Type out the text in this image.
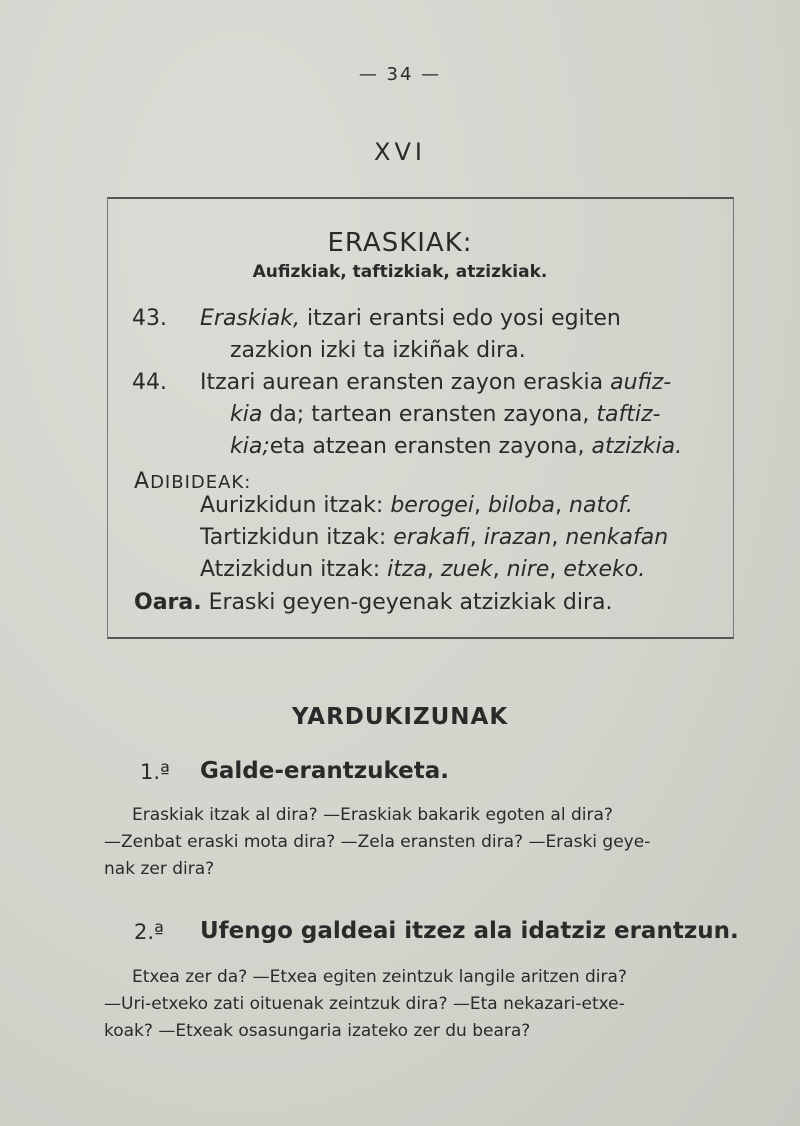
— 34 —
XVI
ERASKIAK:
Aufizkiak, taftizkiak, atzizkiak.
43. Eraskiak, itzari erantsi edo yosi egiten
zazkion izki ta izkiñak dira.
44. Itzari aurean eransten zayon eraskia aufiz-
kia da; tartean eransten zayona, taftiz-
kia;eta atzean eransten zayona, atzizkia.
ADIBIDEAK:
Aurizkidun itzak: berogei, biloba, natof.
Tartizkidun itzak: erakafi, irazan, nenkafan
Atzizkidun itzak: itza, zuek, nire, etxeko.
Oara. Eraski geyen-geyenak atzizkiak dira.
YARDUKIZUNAK
1.ª Galde-erantzuketa.
Eraskiak itzak al dira? —Eraskiak bakarik egoten al dira?
—Zenbat eraski mota dira? —Zela eransten dira? —Eraski geye-
nak zer dira?
2.ª Ufengo galdeai itzez ala idatziz erantzun.
Etxea zer da? —Etxea egiten zeintzuk langile aritzen dira?
—Uri-etxeko zati oituenak zeintzuk dira? —Eta nekazari-etxe-
koak? —Etxeak osasungaria izateko zer du beara?
